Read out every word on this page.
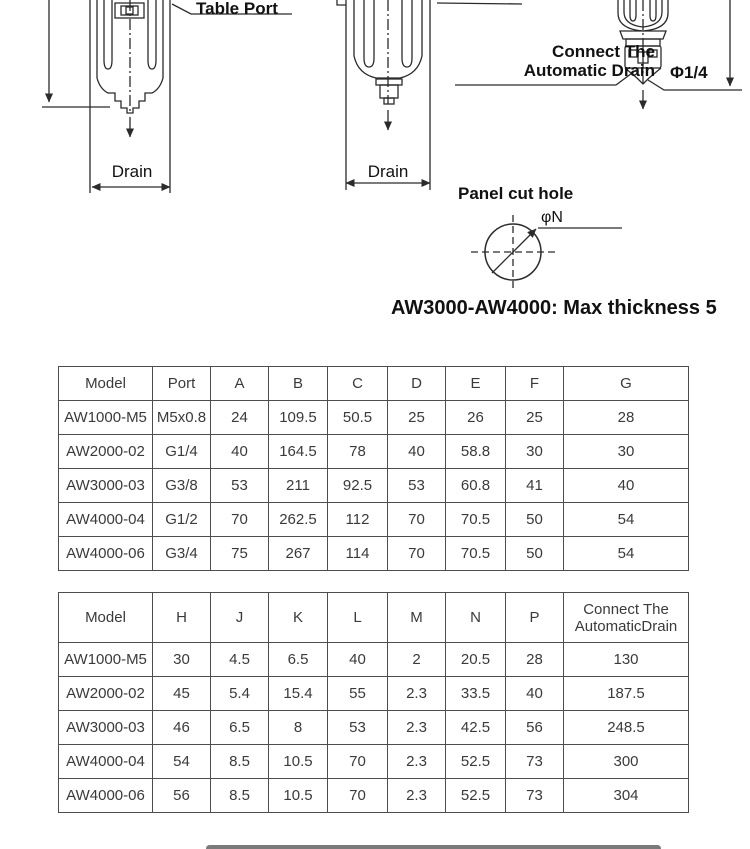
Table Port
Drain	Drain
Connect The
Automatic Drain Φ1/4
Panel cut hole
φN
AW3000-AW4000: Max thickness 5
Model	Port	A	B	C	D	E	F	G
AW1000-M5	M5x0.8	24	109.5	50.5	25	26	25	28
AW2000-02	G1/4	40	164.5	78	40	58.8	30	30
AW3000-03	G3/8	53	211	92.5	53	60.8	41	40
AW4000-04	G1/2	70	262.5	112	70	70.5	50	54
AW4000-06	G3/4	75	267	114	70	70.5	50	54
Model	H	J	K	L	M	N	P	Connect The
AutomaticDrain
AW1000-M5	30	4.5	6.5	40	2	20.5	28	130
AW2000-02	45	5.4	15.4	55	2.3	33.5	40	187.5
AW3000-03	46	6.5	8	53	2.3	42.5	56	248.5
AW4000-04	54	8.5	10.5	70	2.3	52.5	73	300
AW4000-06	56	8.5	10.5	70	2.3	52.5	73	304
